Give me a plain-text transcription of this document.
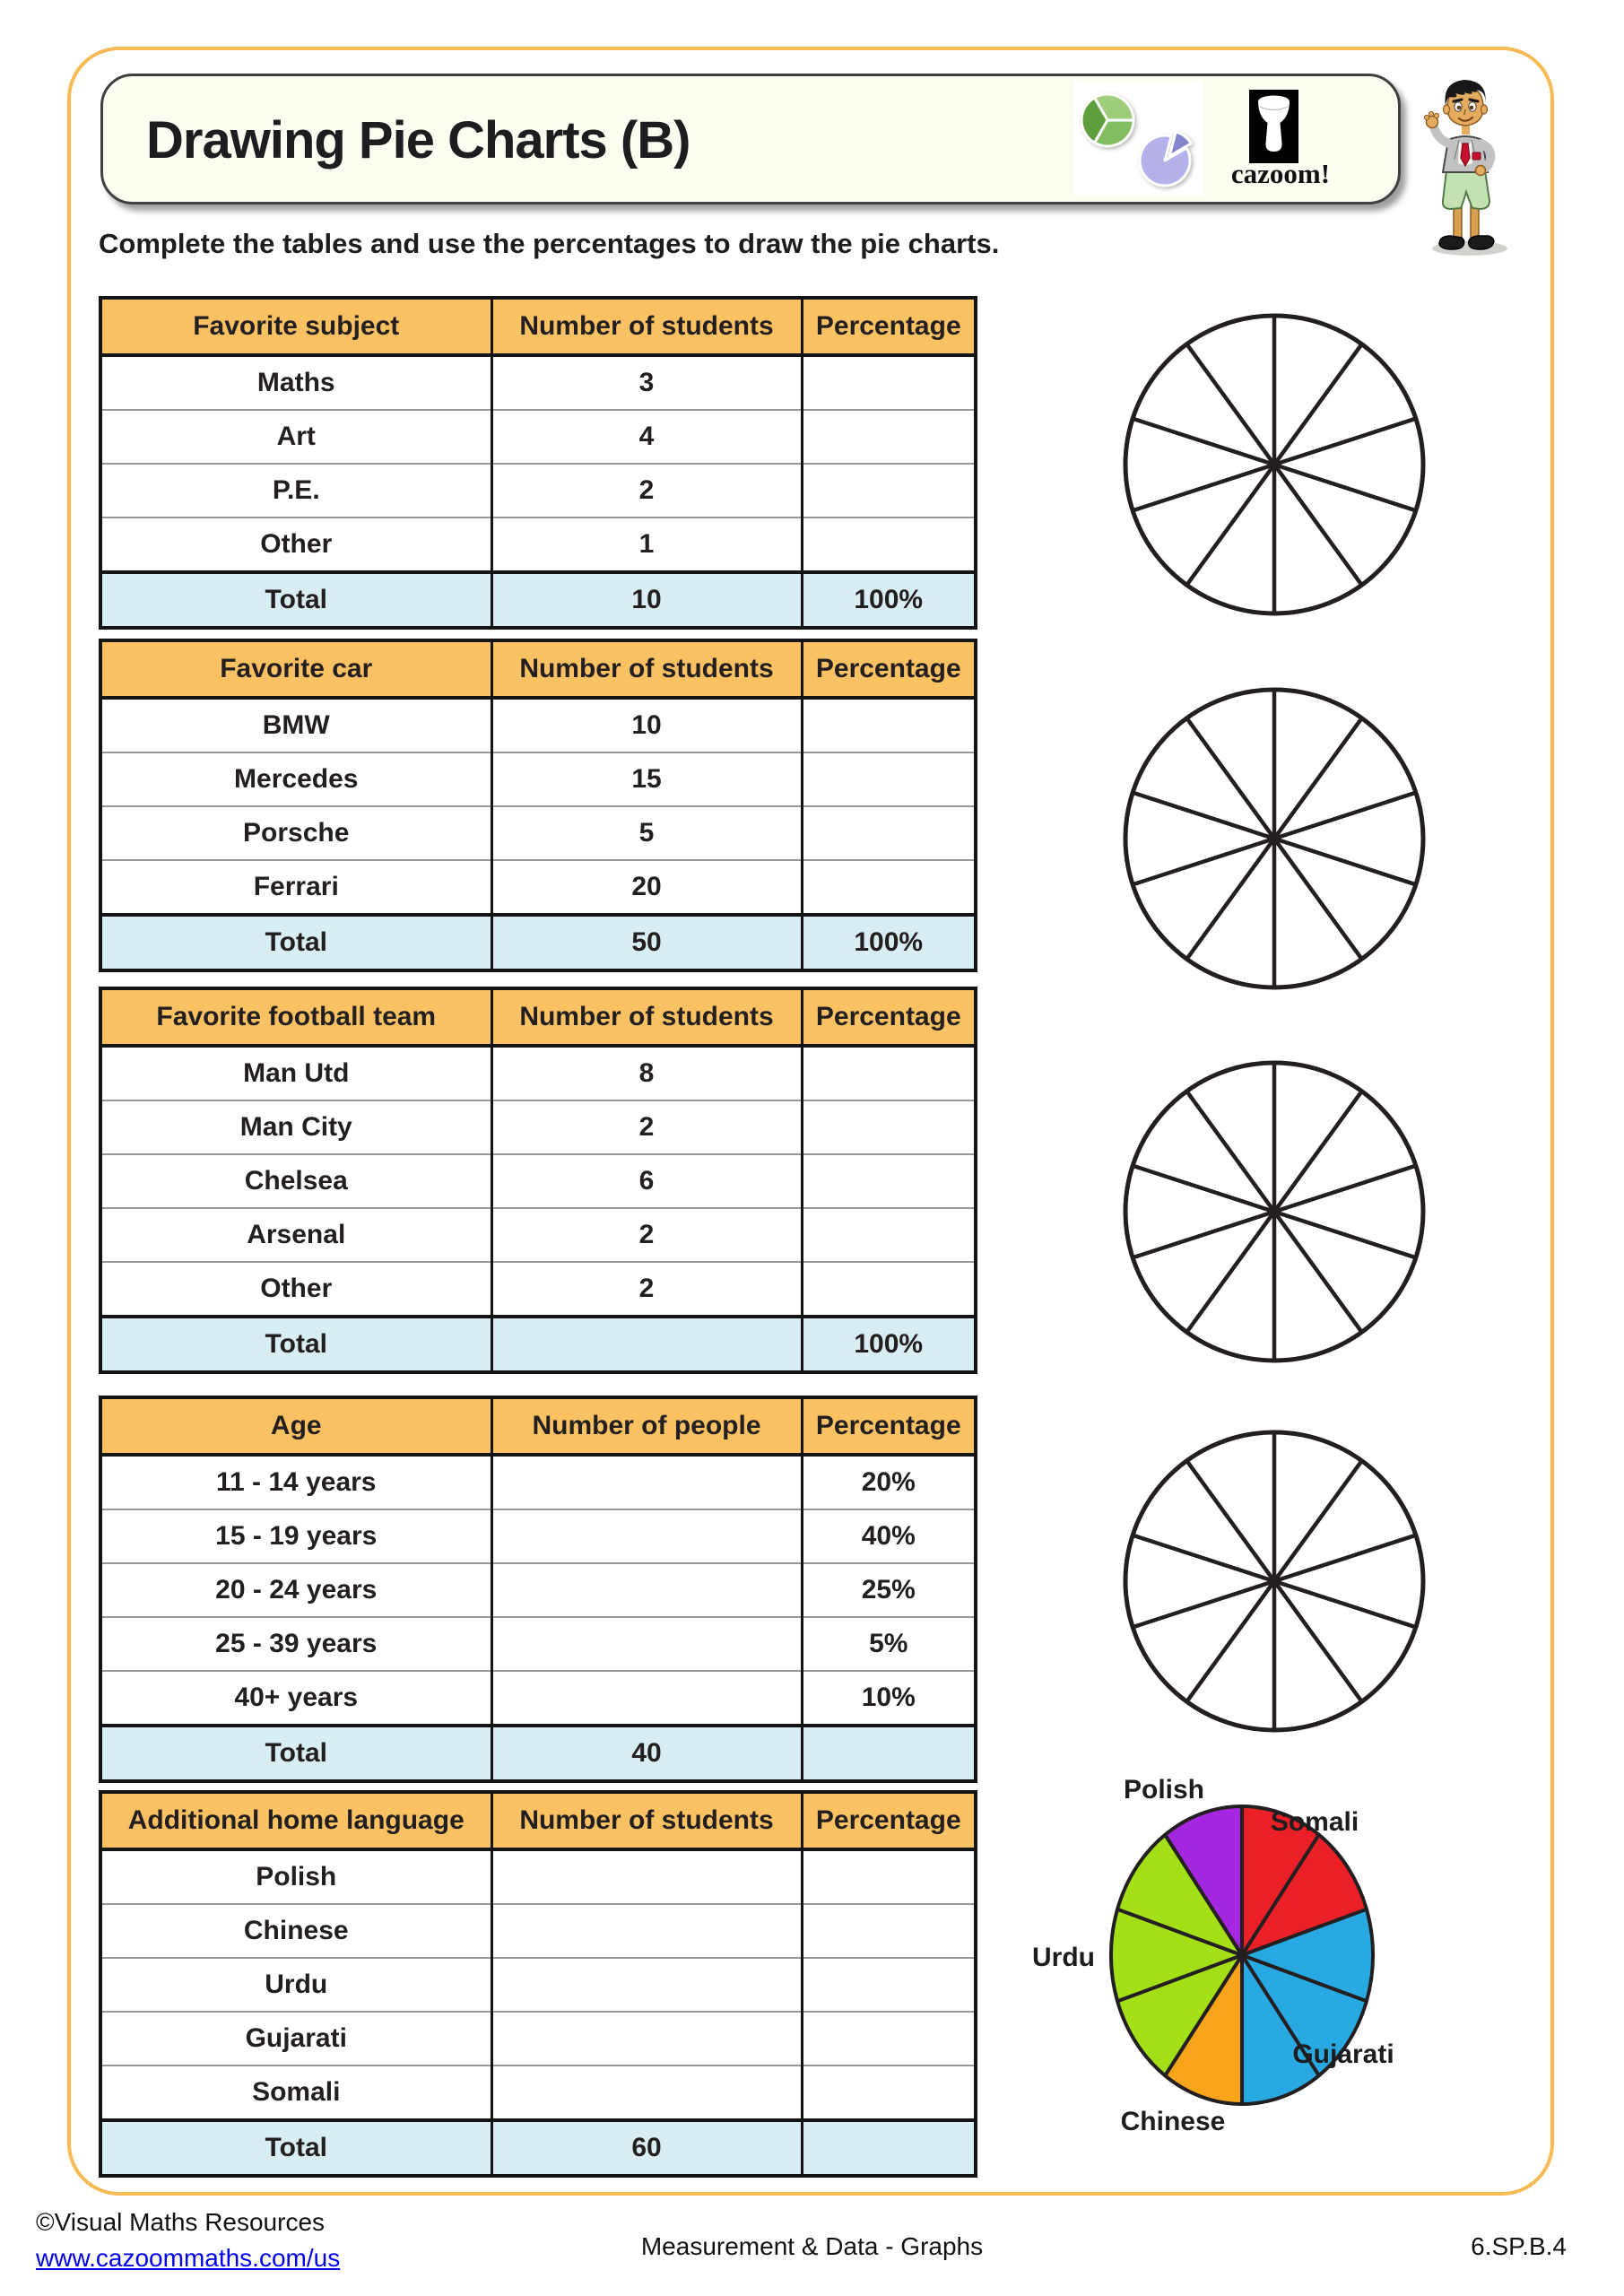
Drawing Pie Charts (B)
cazoom!
Complete the tables and use the percentages to draw the pie charts.
Favorite subject	Number of students	Percentage
Maths	3	
Art	4	
P.E.	2	
Other	1	
Total	10	100%
Favorite car	Number of students	Percentage
BMW	10	
Mercedes	15	
Porsche	5	
Ferrari	20	
Total	50	100%
Favorite football team	Number of students	Percentage
Man Utd	8	
Man City	2	
Chelsea	6	
Arsenal	2	
Other	2	
Total		100%
Age	Number of people	Percentage
11 - 14 years		20%
15 - 19 years		40%
20 - 24 years		25%
25 - 39 years		5%
40+ years		10%
Total	40	
Additional home language	Number of students	Percentage
Polish		
Chinese		
Urdu		
Gujarati		
Somali		
Total	60	
Polish
Somali
Urdu
Gujarati
Chinese
©Visual Maths Resources
www.cazoommaths.com/us	Measurement & Data - Graphs	6.SP.B.4
